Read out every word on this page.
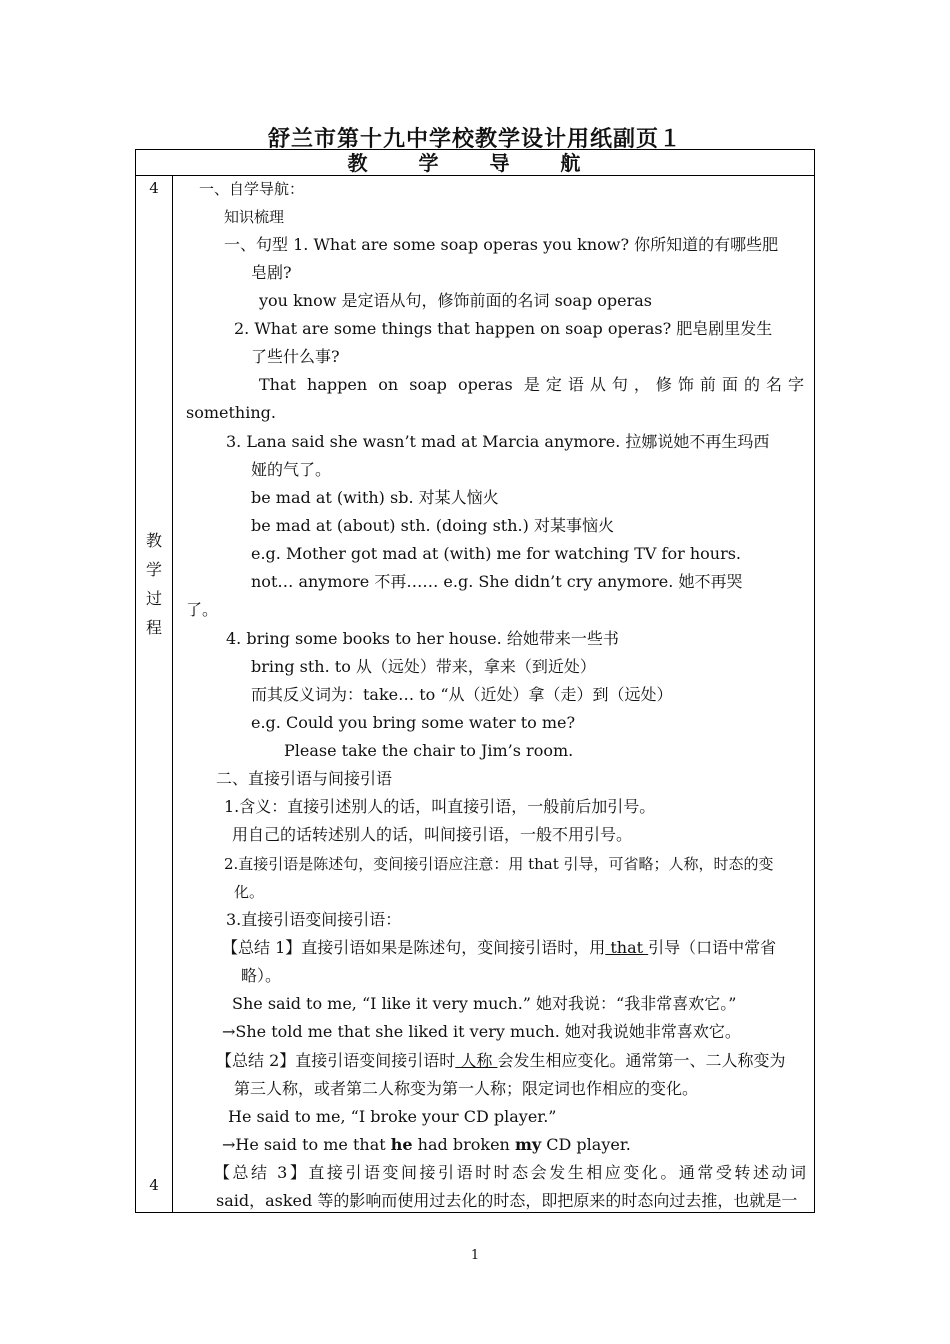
舒兰市第十九中学校教学设计用纸副页１
教 学 导 航
4
教
学
过
程
4
一、自学导航：
知识梳理
一、句型 1. What are some soap operas you know? 你所知道的有哪些肥
皂剧?
you know 是定语从句，修饰前面的名词 soap operas
2. What are some things that happen on soap operas? 肥皂剧里发生
了些什么事?
That happen on soap operas 是定语从句，修饰前面的名字
something.
3. Lana said she wasn’t mad at Marcia anymore. 拉娜说她不再生玛西
娅的气了。
be mad at (with) sb. 对某人恼火
be mad at (about) sth. (doing sth.) 对某事恼火
e.g. Mother got mad at (with) me for watching TV for hours.
not… anymore 不再…… e.g. She didn’t cry anymore. 她不再哭
了。
4. bring some books to her house. 给她带来一些书
bring sth. to 从（远处）带来，拿来（到近处）
而其反义词为：take… to “从（近处）拿（走）到（远处）
e.g. Could you bring some water to me?
Please take the chair to Jim’s room.
二、直接引语与间接引语
1.含义：直接引述别人的话，叫直接引语，一般前后加引号。
用自己的话转述别人的话，叫间接引语，一般不用引号。
2.直接引语是陈述句，变间接引语应注意：用 that 引导，可省略；人称，时态的变
化。
3.直接引语变间接引语：
【总结 1】直接引语如果是陈述句，变间接引语时，用 that 引导（口语中常省
略）。
She said to me, “I like it very much.” 她对我说：“我非常喜欢它。”
→She told me that she liked it very much. 她对我说她非常喜欢它。
【总结 2】直接引语变间接引语时 人称 会发生相应变化。通常第一、二人称变为
第三人称，或者第二人称变为第一人称；限定词也作相应的变化。
He said to me, “I broke your CD player.”
→He said to me that he had broken my CD player.
【总结 3】直接引语变间接引语时时态会发生相应变化。通常受转述动词
said，asked 等的影响而使用过去化的时态，即把原来的时态向过去推，也就是一
1
